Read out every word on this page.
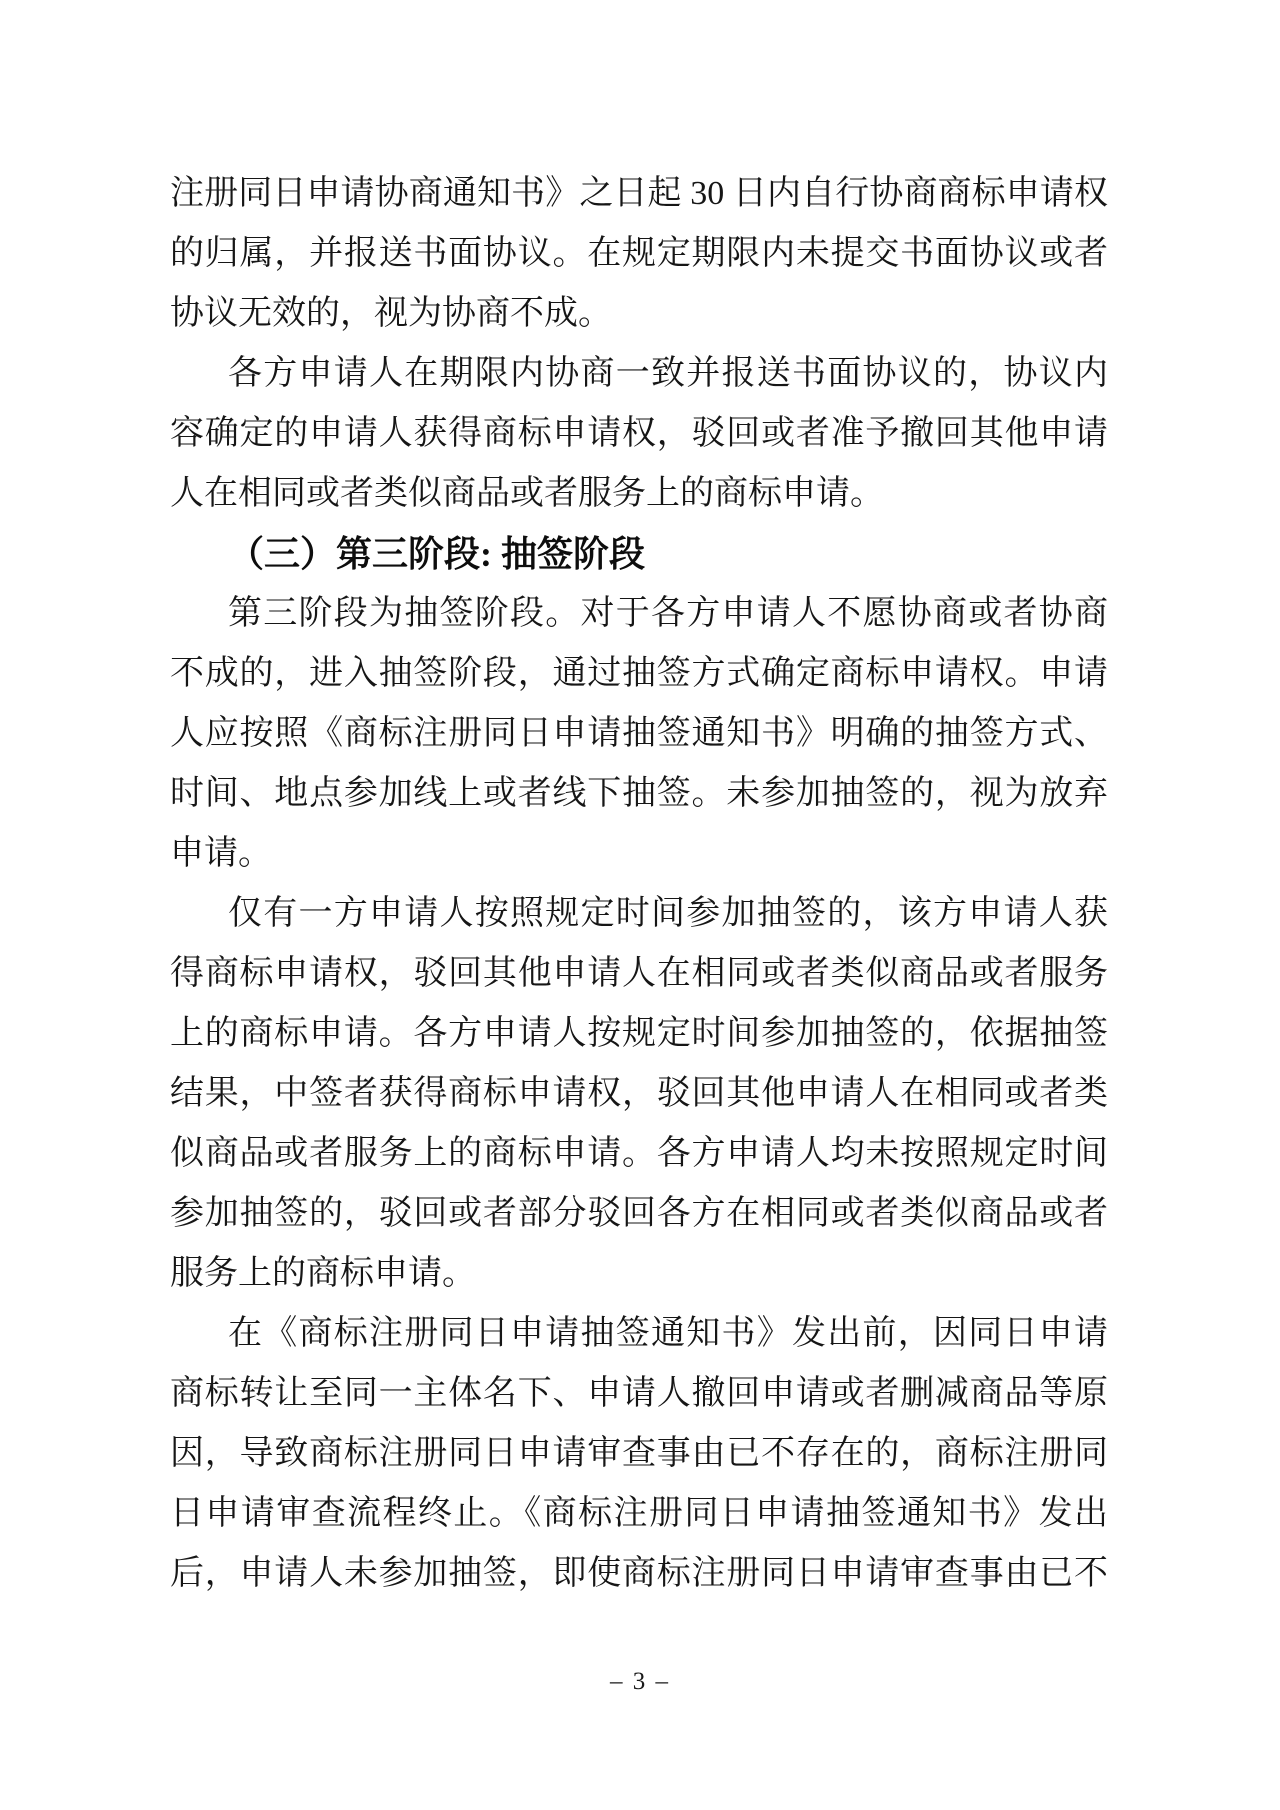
注册同日申请协商通知书》之日起 30 日内自行协商商标申请权
的归属，并报送书面协议。在规定期限内未提交书面协议或者
协议无效的，视为协商不成。
各方申请人在期限内协商一致并报送书面协议的，协议内
容确定的申请人获得商标申请权，驳回或者准予撤回其他申请
人在相同或者类似商品或者服务上的商标申请。
（三）第三阶段: 抽签阶段
第三阶段为抽签阶段。对于各方申请人不愿协商或者协商
不成的，进入抽签阶段，通过抽签方式确定商标申请权。申请
人应按照《商标注册同日申请抽签通知书》明确的抽签方式、
时间、地点参加线上或者线下抽签。未参加抽签的，视为放弃
申请。
仅有一方申请人按照规定时间参加抽签的，该方申请人获
得商标申请权，驳回其他申请人在相同或者类似商品或者服务
上的商标申请。各方申请人按规定时间参加抽签的，依据抽签
结果，中签者获得商标申请权，驳回其他申请人在相同或者类
似商品或者服务上的商标申请。各方申请人均未按照规定时间
参加抽签的，驳回或者部分驳回各方在相同或者类似商品或者
服务上的商标申请。
在《商标注册同日申请抽签通知书》发出前，因同日申请
商标转让至同一主体名下、申请人撤回申请或者删减商品等原
因，导致商标注册同日申请审查事由已不存在的，商标注册同
日申请审查流程终止。《商标注册同日申请抽签通知书》发出
后，申请人未参加抽签，即使商标注册同日申请审查事由已不
– 3 –
